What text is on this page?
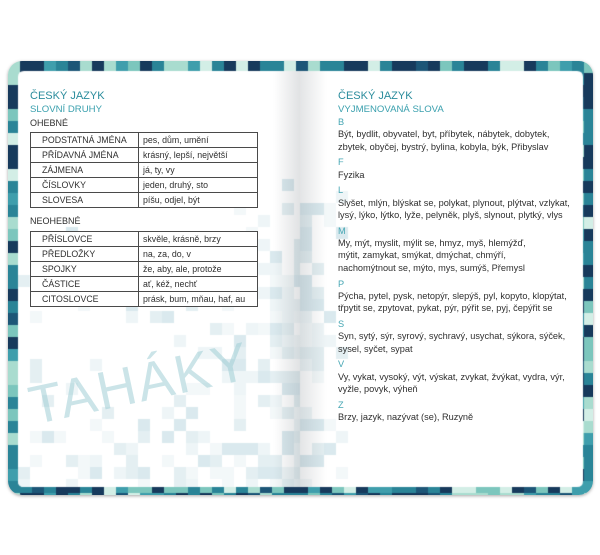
ČESKÝ JAZYK
SLOVNÍ DRUHY
OHEBNÉ
PODSTATNÁ JMÉNA	pes, dům, umění
PŘÍDAVNÁ JMÉNA	krásný, lepší, největší
ZÁJMENA	já, ty, vy
ČÍSLOVKY	jeden, druhý, sto
SLOVESA	píšu, odjel, být
NEOHEBNÉ
PŘÍSLOVCE	skvěle, krásně, brzy
PŘEDLOŽKY	na, za, do, v
SPOJKY	že, aby, ale, protože
ČÁSTICE	ať, kéž, nechť
CITOSLOVCE	prásk, bum, mňau, haf, au
TAHÁKY
ČESKÝ JAZYK
VYJMENOVANÁ SLOVA
B
Být, bydlit, obyvatel, byt, příbytek, nábytek, dobytek,
zbytek, obyčej, bystrý, bylina, kobyla, býk, Přibyslav
F
Fyzika
L
Slyšet, mlýn, blýskat se, polykat, plynout, plýtvat, vzlykat,
lysý, lýko, lýtko, lyže, pelyněk, plyš, slynout, plytký, vlys
M
My, mýt, myslit, mýlit se, hmyz, myš, hlemýžď,
mýtit, zamykat, smýkat, dmýchat, chmýří,
nachomýtnout se, mýto, mys, sumýš, Přemysl
P
Pýcha, pytel, pysk, netopýr, slepýš, pyl, kopyto, klopýtat,
třpytit se, zpytovat, pykat, pýr, pýřit se, pyj, čepýřit se
S
Syn, sytý, sýr, syrový, sychravý, usychat, sýkora, sýček,
sysel, syčet, sypat
V
Vy, vykat, vysoký, výt, výskat, zvykat, žvýkat, vydra, výr,
vyžle, povyk, výheň
Z
Brzy, jazyk, nazývat (se), Ruzyně
